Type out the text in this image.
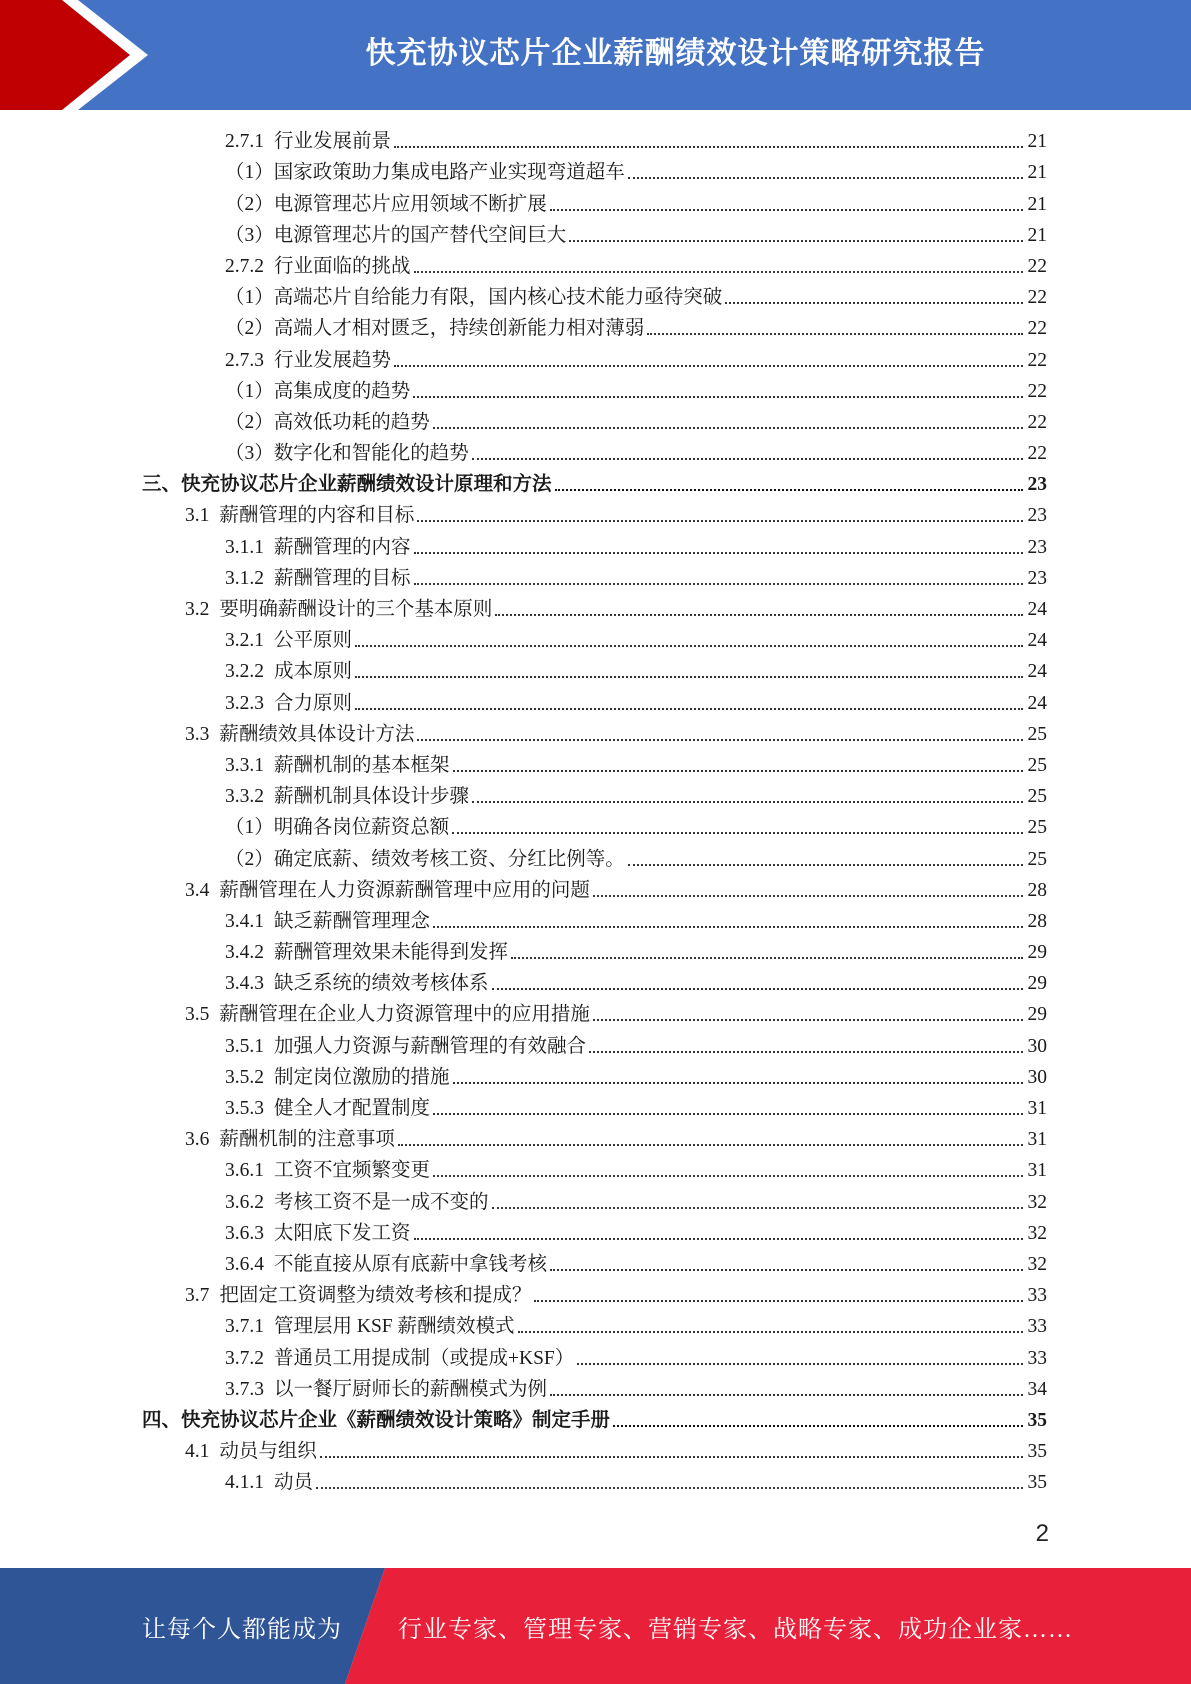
快充协议芯片企业薪酬绩效设计策略研究报告
2.7.1 行业发展前景	21
（1）国家政策助力集成电路产业实现弯道超车	21
（2）电源管理芯片应用领域不断扩展	21
（3）电源管理芯片的国产替代空间巨大	21
2.7.2 行业面临的挑战	22
（1）高端芯片自给能力有限，国内核心技术能力亟待突破	22
（2）高端人才相对匮乏，持续创新能力相对薄弱	22
2.7.3 行业发展趋势	22
（1）高集成度的趋势	22
（2）高效低功耗的趋势	22
（3）数字化和智能化的趋势	22
三、快充协议芯片企业薪酬绩效设计原理和方法	23
3.1 薪酬管理的内容和目标	23
3.1.1 薪酬管理的内容	23
3.1.2 薪酬管理的目标	23
3.2 要明确薪酬设计的三个基本原则	24
3.2.1 公平原则	24
3.2.2 成本原则	24
3.2.3 合力原则	24
3.3 薪酬绩效具体设计方法	25
3.3.1 薪酬机制的基本框架	25
3.3.2 薪酬机制具体设计步骤	25
（1）明确各岗位薪资总额	25
（2）确定底薪、绩效考核工资、分红比例等。	25
3.4 薪酬管理在人力资源薪酬管理中应用的问题	28
3.4.1 缺乏薪酬管理理念	28
3.4.2 薪酬管理效果未能得到发挥	29
3.4.3 缺乏系统的绩效考核体系	29
3.5 薪酬管理在企业人力资源管理中的应用措施	29
3.5.1 加强人力资源与薪酬管理的有效融合	30
3.5.2 制定岗位激励的措施	30
3.5.3 健全人才配置制度	31
3.6 薪酬机制的注意事项	31
3.6.1 工资不宜频繁变更	31
3.6.2 考核工资不是一成不变的	32
3.6.3 太阳底下发工资	32
3.6.4 不能直接从原有底薪中拿钱考核	32
3.7 把固定工资调整为绩效考核和提成？	33
3.7.1 管理层用 KSF 薪酬绩效模式	33
3.7.2 普通员工用提成制（或提成+KSF）	33
3.7.3 以一餐厅厨师长的薪酬模式为例	34
四、快充协议芯片企业《薪酬绩效设计策略》制定手册	35
4.1 动员与组织	35
4.1.1 动员	35
2
让每个人都能成为 行业专家、管理专家、营销专家、战略专家、成功企业家……
